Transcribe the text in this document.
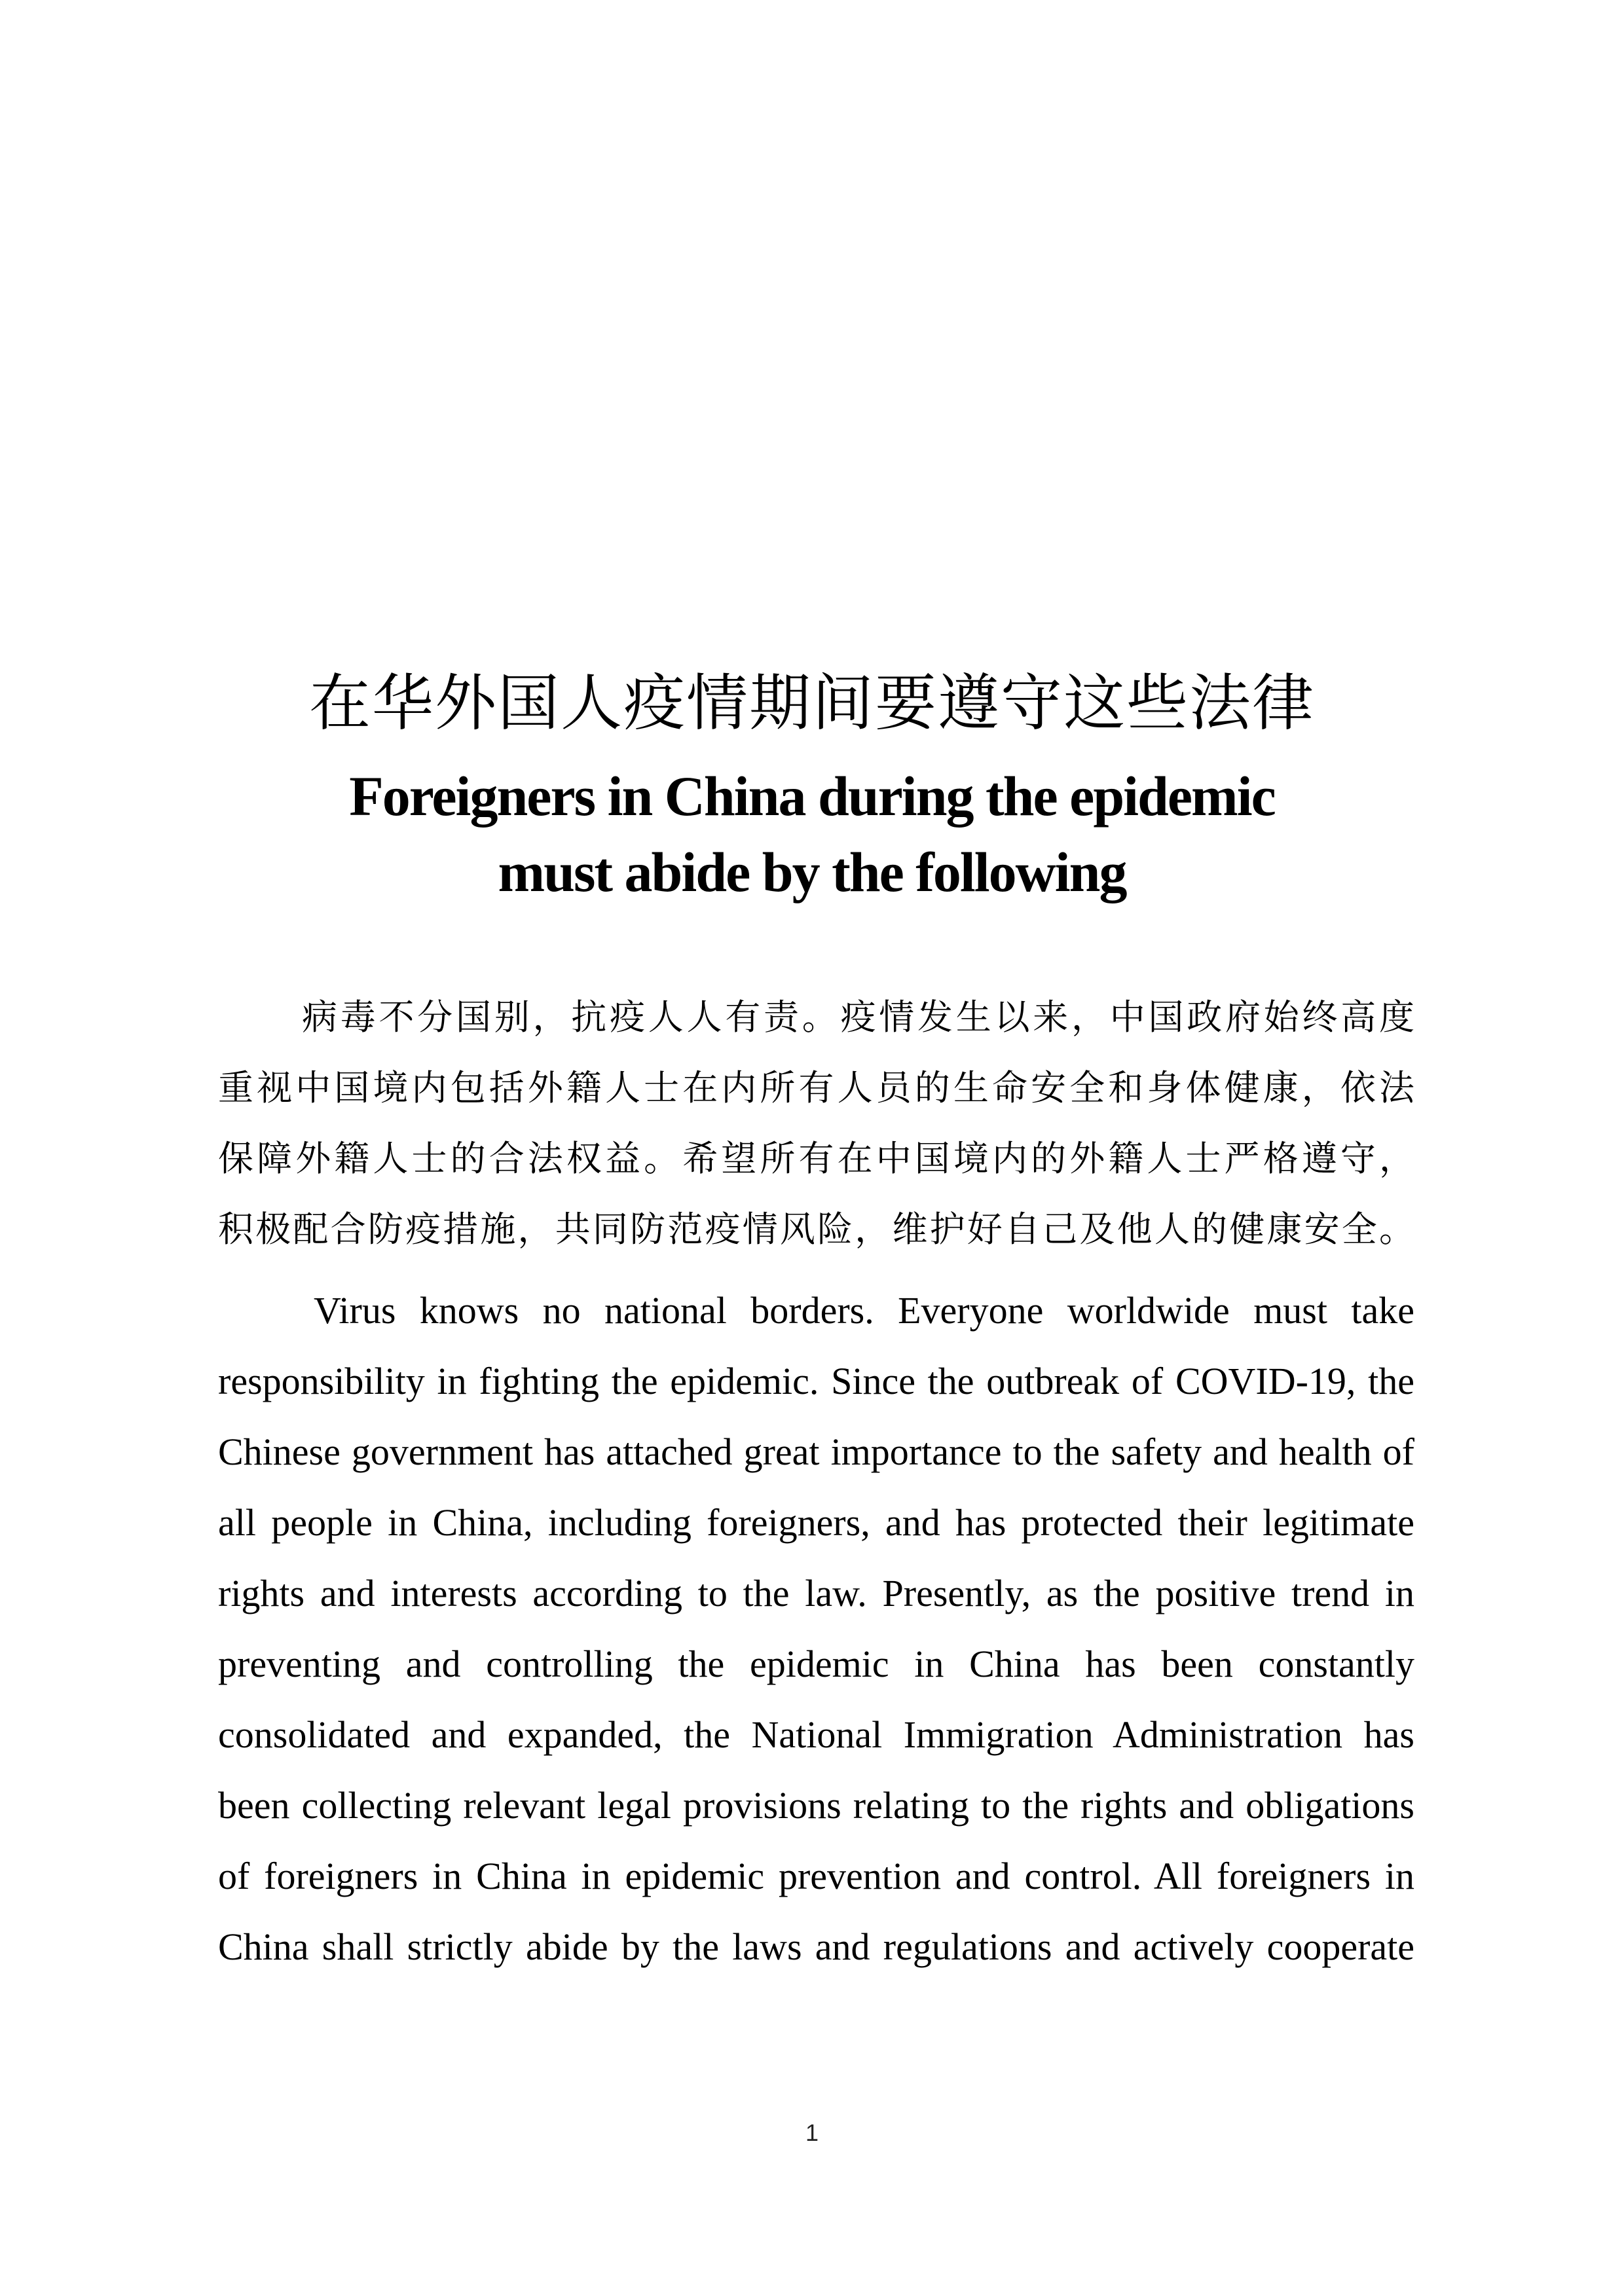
在华外国人疫情期间要遵守这些法律
Foreigners in China during the epidemic
must abide by the following

病毒不分国别，抗疫人人有责。疫情发生以来，中国政府始终高度
重视中国境内包括外籍人士在内所有人员的生命安全和身体健康，依法
保障外籍人士的合法权益。希望所有在中国境内的外籍人士严格遵守，
积极配合防疫措施，共同防范疫情风险，维护好自己及他人的健康安全。

Virus knows no national borders. Everyone worldwide must take
responsibility in fighting the epidemic. Since the outbreak of COVID-19, the
Chinese government has attached great importance to the safety and health of
all people in China, including foreigners, and has protected their legitimate
rights and interests according to the law. Presently, as the positive trend in
preventing and controlling the epidemic in China has been constantly
consolidated and expanded, the National Immigration Administration has
been collecting relevant legal provisions relating to the rights and obligations
of foreigners in China in epidemic prevention and control. All foreigners in
China shall strictly abide by the laws and regulations and actively cooperate

1
